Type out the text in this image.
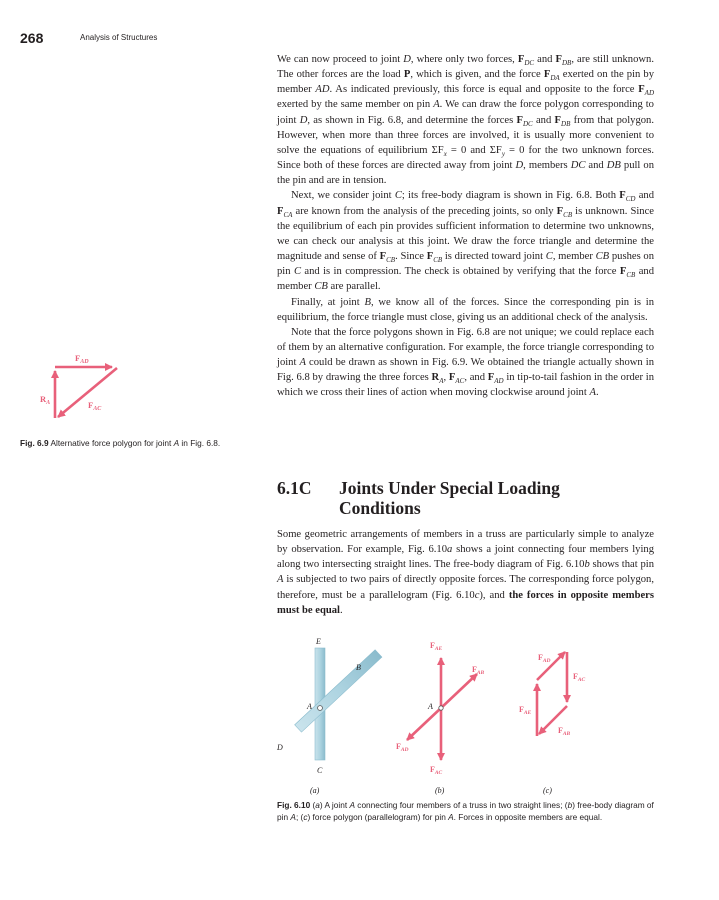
268	Analysis of Structures

We can now proceed to joint D, where only two forces, $F_{DC}$ and $F_{DB}$, are still unknown. The other forces are the load P, which is given, and the force $F_{DA}$ exerted on the pin by member AD. As indicated previously, this force is equal and opposite to the force $F_{AD}$ exerted by the same member on pin A. We can draw the force polygon corresponding to joint D, as shown in Fig. 6.8, and determine the forces $F_{DC}$ and $F_{DB}$ from that polygon. However, when more than three forces are involved, it is usually more convenient to solve the equations of equilibrium $\Sigma F_x = 0$ and $\Sigma F_y = 0$ for the two unknown forces. Since both of these forces are directed away from joint D, members DC and DB pull on the pin and are in tension.

Next, we consider joint C; its free-body diagram is shown in Fig. 6.8. Both $F_{CD}$ and $F_{CA}$ are known from the analysis of the preceding joints, so only $F_{CB}$ is unknown. Since the equilibrium of each pin provides sufficient information to determine two unknowns, we can check our analysis at this joint. We draw the force triangle and determine the magnitude and sense of $F_{CB}$. Since $F_{CB}$ is directed toward joint C, member CB pushes on pin C and is in compression. The check is obtained by verifying that the force $F_{CB}$ and member CB are parallel.

Finally, at joint B, we know all of the forces. Since the corresponding pin is in equilibrium, the force triangle must close, giving us an additional check of the analysis.

Note that the force polygons shown in Fig. 6.8 are not unique; we could replace each of them by an alternative configuration. For example, the force triangle corresponding to joint A could be drawn as shown in Fig. 6.9. We obtained the triangle actually shown in Fig. 6.8 by drawing the three forces $R_A$, $F_{AC}$, and $F_{AD}$ in tip-to-tail fashion in the order in which we cross their lines of action when moving clockwise around joint A.

$F_{AD}$
$R_A$	$F_{AC}$
Fig. 6.9 Alternative force polygon for joint A in Fig. 6.8.
6.1C Joints Under Special Loading
Conditions

Some geometric arrangements of members in a truss are particularly simple to analyze by observation. For example, Fig. 6.10a shows a joint connecting four members lying along two intersecting straight lines. The free-body diagram of Fig. 6.10b shows that pin A is subjected to two pairs of directly opposite forces. The corresponding force polygon, therefore, must be a parallelogram (Fig. 6.10c), and the forces in opposite members must be equal.

E
B
A
D
C
$F_{AE}$
$F_{AB}$
A
$F_{AD}$
$F_{AC}$
$F_{AD}$
$F_{AC}$
$F_{AE}$
$F_{AB}$
(a)	(b)	(c)
Fig. 6.10 (a) A joint A connecting four members of a truss in two straight lines; (b) free-body diagram of pin A; (c) force polygon (parallelogram) for pin A. Forces in opposite members are equal.
